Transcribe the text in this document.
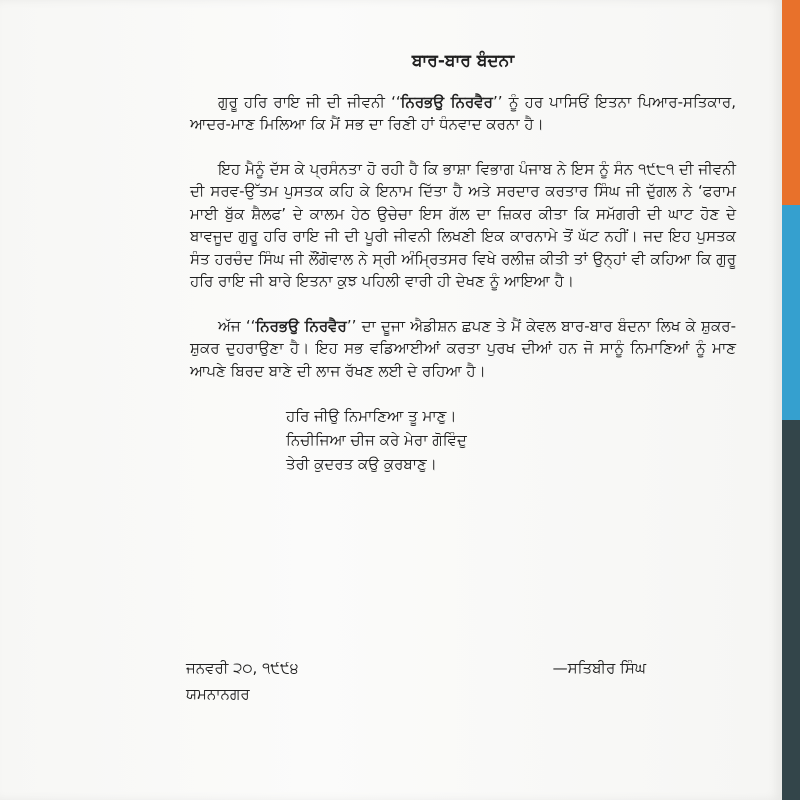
ਬਾਰ-ਬਾਰ ਬੰਦਨਾ

ਗੁਰੂ ਹਰਿ ਰਾਇ ਜੀ ਦੀ ਜੀਵਨੀ ‘‘ਨਿਰਭਉ ਨਿਰਵੈਰ’’ ਨੂੰ ਹਰ ਪਾਸਿਓਂ ਇਤਨਾ ਪਿਆਰ-ਸਤਿਕਾਰ, ਆਦਰ-ਮਾਣ ਮਿਲਿਆ ਕਿ ਮੈਂ ਸਭ ਦਾ ਰਿਣੀ ਹਾਂ ਧੰਨਵਾਦ ਕਰਨਾ ਹੈ।

ਇਹ ਮੈਨੂੰ ਦੱਸ ਕੇ ਪ੍ਰਸੰਨਤਾ ਹੋ ਰਹੀ ਹੈ ਕਿ ਭਾਸ਼ਾ ਵਿਭਾਗ ਪੰਜਾਬ ਨੇ ਇਸ ਨੂੰ ਸੰਨ ੧੯੮੧ ਦੀ ਜੀਵਨੀ ਦੀ ਸਰਵ-ਉੱਤਮ ਪੁਸਤਕ ਕਹਿ ਕੇ ਇਨਾਮ ਦਿੱਤਾ ਹੈ ਅਤੇ ਸਰਦਾਰ ਕਰਤਾਰ ਸਿੰਘ ਜੀ ਦੁੱਗਲ ਨੇ ‘ਫਰਾਮ ਮਾਈ ਬੁੱਕ ਸ਼ੈਲਫ’ ਦੇ ਕਾਲਮ ਹੇਠ ਉਚੇਚਾ ਇਸ ਗੱਲ ਦਾ ਜ਼ਿਕਰ ਕੀਤਾ ਕਿ ਸਮੱਗਰੀ ਦੀ ਘਾਟ ਹੋਣ ਦੇ ਬਾਵਜੂਦ ਗੁਰੂ ਹਰਿ ਰਾਇ ਜੀ ਦੀ ਪੂਰੀ ਜੀਵਨੀ ਲਿਖਣੀ ਇਕ ਕਾਰਨਾਮੇ ਤੋਂ ਘੱਟ ਨਹੀਂ। ਜਦ ਇਹ ਪੁਸਤਕ ਸੰਤ ਹਰਚੰਦ ਸਿੰਘ ਜੀ ਲੌਂਗੋਵਾਲ ਨੇ ਸ੍ਰੀ ਅੰਮ੍ਰਿਤਸਰ ਵਿਖੇ ਰਲੀਜ਼ ਕੀਤੀ ਤਾਂ ਉਨ੍ਹਾਂ ਵੀ ਕਹਿਆ ਕਿ ਗੁਰੂ ਹਰਿ ਰਾਇ ਜੀ ਬਾਰੇ ਇਤਨਾ ਕੁਝ ਪਹਿਲੀ ਵਾਰੀ ਹੀ ਦੇਖਣ ਨੂੰ ਆਇਆ ਹੈ।

ਅੱਜ ‘‘ਨਿਰਭਉ ਨਿਰਵੈਰ’’ ਦਾ ਦੂਜਾ ਐਡੀਸ਼ਨ ਛਪਣ ਤੇ ਮੈਂ ਕੇਵਲ ਬਾਰ-ਬਾਰ ਬੰਦਨਾ ਲਿਖ ਕੇ ਸ਼ੁਕਰ-ਸ਼ੁਕਰ ਦੁਹਰਾਉਣਾ ਹੈ। ਇਹ ਸਭ ਵਡਿਆਈਆਂ ਕਰਤਾ ਪੁਰਖ ਦੀਆਂ ਹਨ ਜੋ ਸਾਨੂੰ ਨਿਮਾਣਿਆਂ ਨੂੰ ਮਾਣ ਆਪਣੇ ਬਿਰਦ ਬਾਣੇ ਦੀ ਲਾਜ ਰੱਖਣ ਲਈ ਦੇ ਰਹਿਆ ਹੈ।

ਹਰਿ ਜੀਉ ਨਿਮਾਣਿਆ ਤੂ ਮਾਣੁ।
ਨਿਚੀਜਿਆ ਚੀਜ ਕਰੇ ਮੇਰਾ ਗੋਵਿੰਦੁ
ਤੇਰੀ ਕੁਦਰਤ ਕਉ ਕੁਰਬਾਣੁ।
ਜਨਵਰੀ ੨੦, ੧੯੯੪	—ਸਤਿਬੀਰ ਸਿੰਘ
ਯਮਨਾਨਗਰ
